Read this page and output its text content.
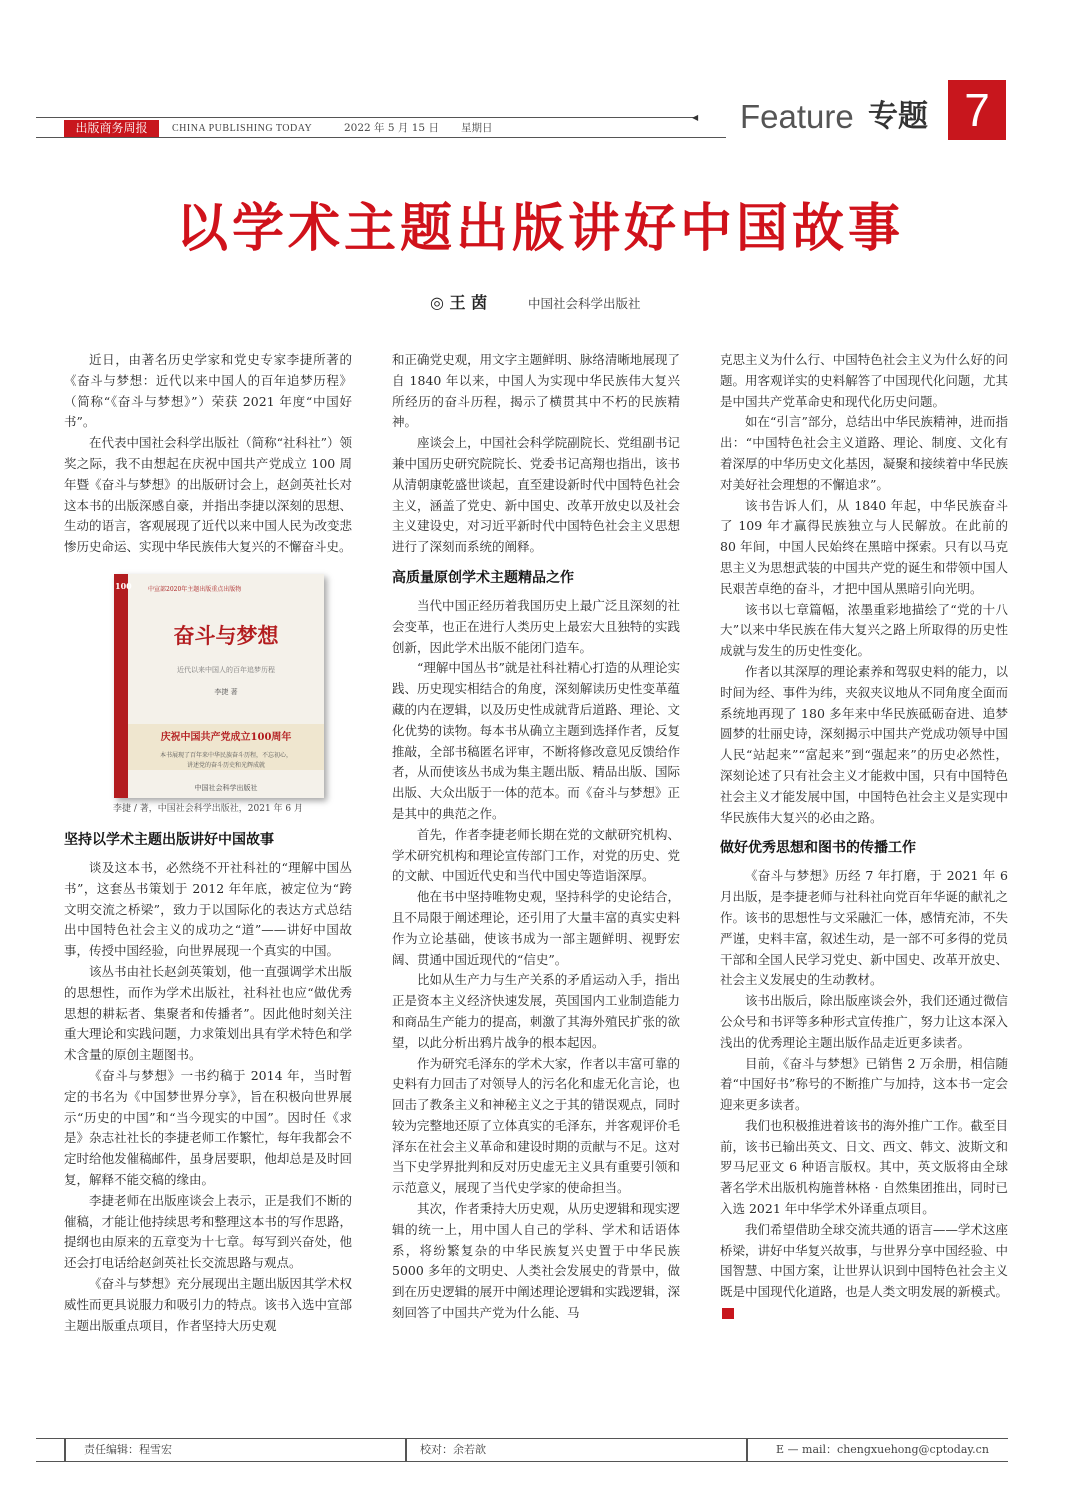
◀
出版商务周报	CHINA PUBLISHING TODAY	2022 年 5 月 15 日 星期日	Feature 专题 7
以学术主题出版讲好中国故事
◎ 王 茵	中国社会科学出版社

近日，由著名历史学家和党史专家李捷所著的《奋斗与梦想：近代以来中国人的百年追梦历程》（简称“《奋斗与梦想》”）荣获 2021 年度“中国好书”。

在代表中国社会科学出版社（简称“社科社”）领奖之际，我不由想起在庆祝中国共产党成立 100 周年暨《奋斗与梦想》的出版研讨会上，赵剑英社长对这本书的出版深感自豪，并指出李捷以深刻的思想、生动的语言，客观展现了近代以来中国人民为改变悲惨历史命运、实现中华民族伟大复兴的不懈奋斗史。

100	中宣部2020年主题出版重点出版物
奋斗与梦想
近代以来中国人的百年追梦历程
李捷 著
庆祝中国共产党成立100周年
本书展现了百年来中华民族奋斗历程，不忘初心，
讲述党的奋斗历史和光辉成就
中国社会科学出版社
李捷 / 著，中国社会科学出版社，2021 年 6 月
坚持以学术主题出版讲好中国故事

谈及这本书，必然绕不开社科社的“理解中国丛书”，这套丛书策划于 2012 年年底，被定位为“跨文明交流之桥梁”，致力于以国际化的表达方式总结出中国特色社会主义的成功之“道”——讲好中国故事，传授中国经验，向世界展现一个真实的中国。

该丛书由社长赵剑英策划，他一直强调学术出版的思想性，而作为学术出版社，社科社也应“做优秀思想的耕耘者、集聚者和传播者”。因此他时刻关注重大理论和实践问题，力求策划出具有学术特色和学术含量的原创主题图书。

《奋斗与梦想》一书约稿于 2014 年，当时暂定的书名为《中国梦世界分享》，旨在积极向世界展示“历史的中国”和“当今现实的中国”。因时任《求是》杂志社社长的李捷老师工作繁忙，每年我都会不定时给他发催稿邮件，虽身居要职，他却总是及时回复，解释不能交稿的缘由。

李捷老师在出版座谈会上表示，正是我们不断的催稿，才能让他持续思考和整理这本书的写作思路，提纲也由原来的五章变为十七章。每写到兴奋处，他还会打电话给赵剑英社长交流思路与观点。

《奋斗与梦想》充分展现出主题出版因其学术权威性而更具说服力和吸引力的特点。该书入选中宣部主题出版重点项目，作者坚持大历史观

和正确党史观，用文字主题鲜明、脉络清晰地展现了自 1840 年以来，中国人为实现中华民族伟大复兴所经历的奋斗历程，揭示了横贯其中不朽的民族精神。

座谈会上，中国社会科学院副院长、党组副书记兼中国历史研究院院长、党委书记高翔也指出，该书从清朝康乾盛世谈起，直至建设新时代中国特色社会主义，涵盖了党史、新中国史、改革开放史以及社会主义建设史，对习近平新时代中国特色社会主义思想进行了深刻而系统的阐释。

高质量原创学术主题精品之作

当代中国正经历着我国历史上最广泛且深刻的社会变革，也正在进行人类历史上最宏大且独特的实践创新，因此学术出版不能闭门造车。

“理解中国丛书”就是社科社精心打造的从理论实践、历史现实相结合的角度，深刻解读历史性变革蕴藏的内在逻辑，以及历史性成就背后道路、理论、文化优势的读物。每本书从确立主题到选择作者，反复推敲，全部书稿匿名评审，不断将修改意见反馈给作者，从而使该丛书成为集主题出版、精品出版、国际出版、大众出版于一体的范本。而《奋斗与梦想》正是其中的典范之作。

首先，作者李捷老师长期在党的文献研究机构、学术研究机构和理论宣传部门工作，对党的历史、党的文献、中国近代史和当代中国史等造诣深厚。

他在书中坚持唯物史观，坚持科学的史论结合，且不局限于阐述理论，还引用了大量丰富的真实史料作为立论基础，使该书成为一部主题鲜明、视野宏阔、贯通中国近现代的“信史”。

比如从生产力与生产关系的矛盾运动入手，指出正是资本主义经济快速发展，英国国内工业制造能力和商品生产能力的提高，刺激了其海外殖民扩张的欲望，以此分析出鸦片战争的根本起因。

作为研究毛泽东的学术大家，作者以丰富可靠的史料有力回击了对领导人的污名化和虚无化言论，也回击了教条主义和神秘主义之于其的错误观点，同时较为完整地还原了立体真实的毛泽东，并客观评价毛泽东在社会主义革命和建设时期的贡献与不足。这对当下史学界批判和反对历史虚无主义具有重要引领和示范意义，展现了当代史学家的使命担当。

其次，作者秉持大历史观，从历史逻辑和现实逻辑的统一上，用中国人自己的学科、学术和话语体系，将纷繁复杂的中华民族复兴史置于中华民族 5000 多年的文明史、人类社会发展史的背景中，做到在历史逻辑的展开中阐述理论逻辑和实践逻辑，深刻回答了中国共产党为什么能、马

克思主义为什么行、中国特色社会主义为什么好的问题。用客观详实的史料解答了中国现代化问题，尤其是中国共产党革命史和现代化历史问题。

如在“引言”部分，总结出中华民族精神，进而指出：“中国特色社会主义道路、理论、制度、文化有着深厚的中华历史文化基因，凝聚和接续着中华民族对美好社会理想的不懈追求”。

该书告诉人们，从 1840 年起，中华民族奋斗了 109 年才赢得民族独立与人民解放。在此前的 80 年间，中国人民始终在黑暗中探索。只有以马克思主义为思想武装的中国共产党的诞生和带领中国人民艰苦卓绝的奋斗，才把中国从黑暗引向光明。

该书以七章篇幅，浓墨重彩地描绘了“党的十八大”以来中华民族在伟大复兴之路上所取得的历史性成就与发生的历史性变化。

作者以其深厚的理论素养和驾驭史料的能力，以时间为经、事件为纬，夹叙夹议地从不同角度全面而系统地再现了 180 多年来中华民族砥砺奋进、追梦圆梦的壮丽史诗，深刻揭示中国共产党成功领导中国人民“站起来”“富起来”到“强起来”的历史必然性，深刻论述了只有社会主义才能救中国，只有中国特色社会主义才能发展中国，中国特色社会主义是实现中华民族伟大复兴的必由之路。

做好优秀思想和图书的传播工作

《奋斗与梦想》历经 7 年打磨，于 2021 年 6 月出版，是李捷老师与社科社向党百年华诞的献礼之作。该书的思想性与文采融汇一体，感情充沛，不失严谨，史料丰富，叙述生动，是一部不可多得的党员干部和全国人民学习党史、新中国史、改革开放史、社会主义发展史的生动教材。

该书出版后，除出版座谈会外，我们还通过微信公众号和书评等多种形式宣传推广，努力让这本深入浅出的优秀理论主题出版作品走近更多读者。

目前，《奋斗与梦想》已销售 2 万余册，相信随着“中国好书”称号的不断推广与加持，这本书一定会迎来更多读者。

我们也积极推进着该书的海外推广工作。截至目前，该书已输出英文、日文、西文、韩文、波斯文和罗马尼亚文 6 种语言版权。其中，英文版将由全球著名学术出版机构施普林格 · 自然集团推出，同时已入选 2021 年中华学术外译重点项目。

我们希望借助全球交流共通的语言——学术这座桥梁，讲好中华复兴故事，与世界分享中国经验、中国智慧、中国方案，让世界认识到中国特色社会主义既是中国现代化道路，也是人类文明发展的新模式。

责任编辑：程雪宏	校对：余若歆	E — mail：chengxuehong@cptoday.cn
